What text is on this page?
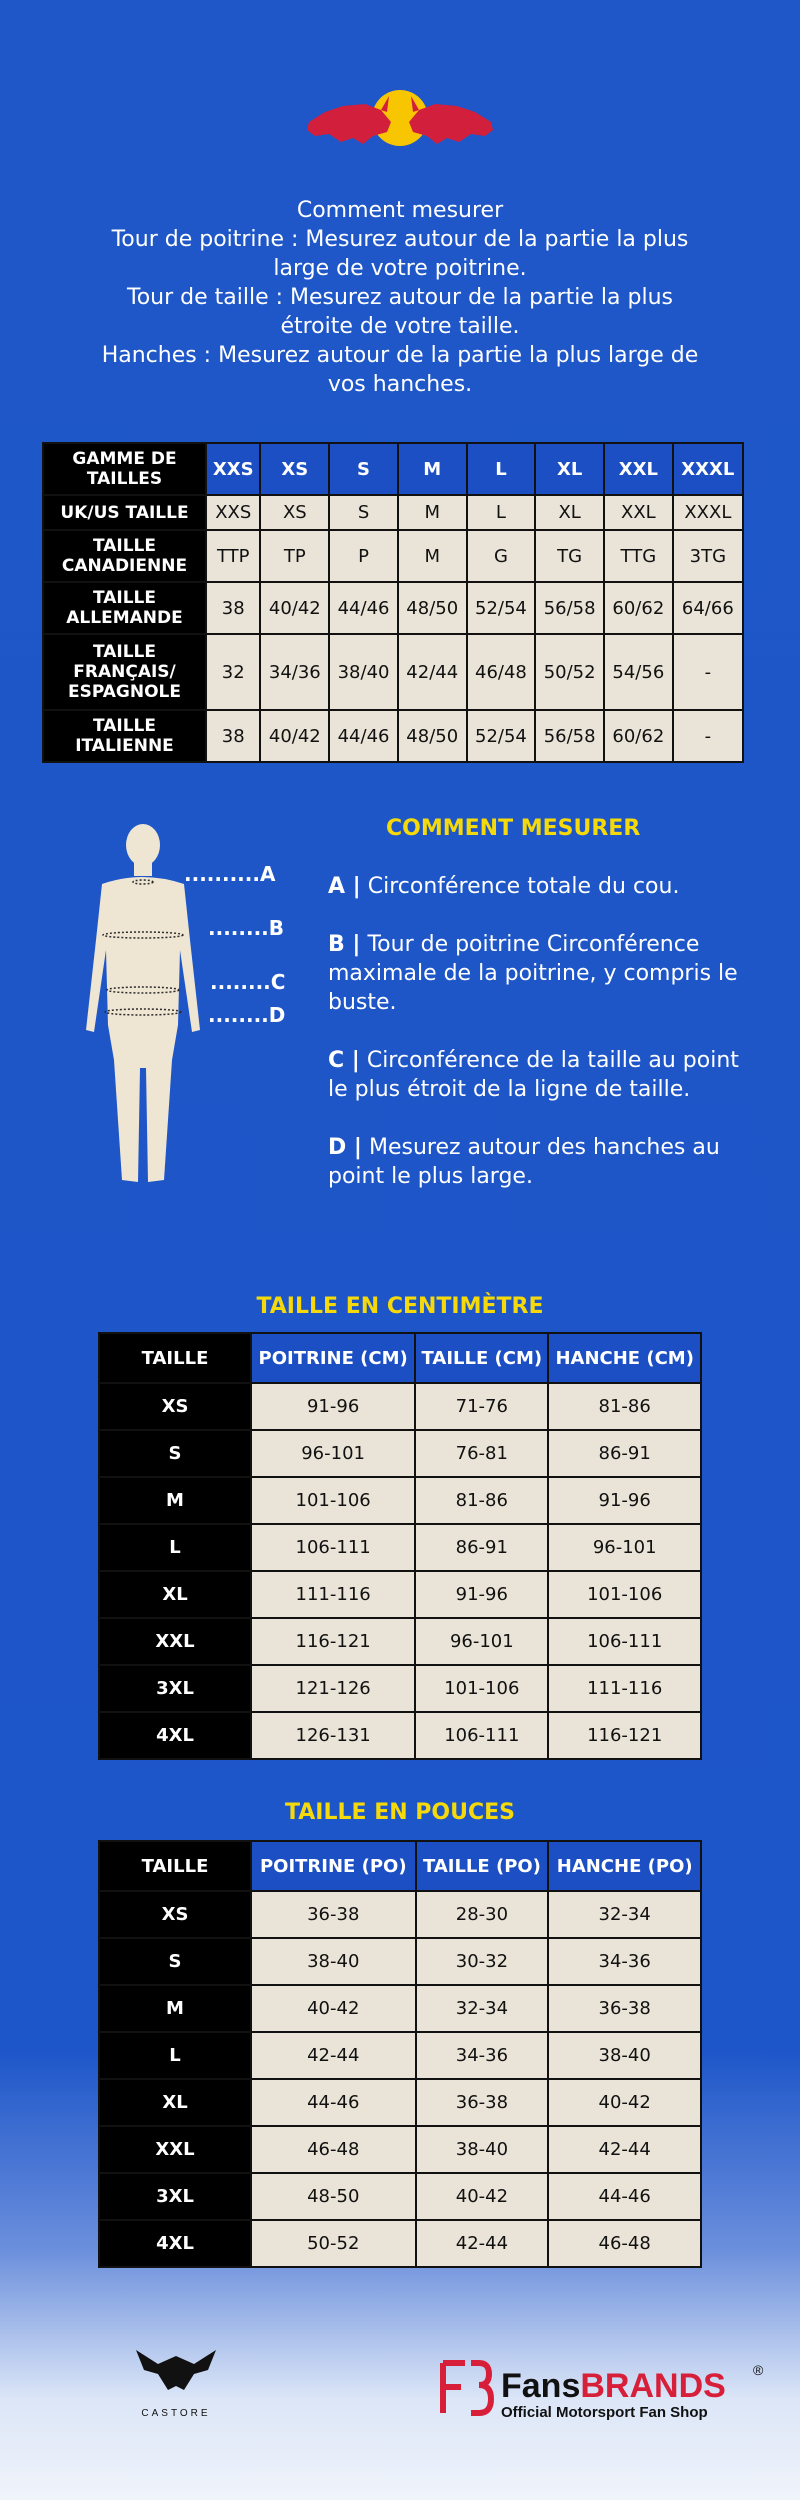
Comment mesurer
Tour de poitrine : Mesurez autour de la partie la plus
large de votre poitrine.
Tour de taille : Mesurez autour de la partie la plus
étroite de votre taille.
Hanches : Mesurez autour de la partie la plus large de
vos hanches.
GAMME DE TAILLES	XXS	XS	S	M	L	XL	XXL	XXXL
UK/US TAILLE	XXS	XS	S	M	L	XL	XXL	XXXL
TAILLE CANADIENNE	TTP	TP	P	M	G	TG	TTG	3TG
TAILLE ALLEMANDE	38	40/42	44/46	48/50	52/54	56/58	60/62	64/66
TAILLE FRANÇAIS/ ESPAGNOLE	32	34/36	38/40	42/44	46/48	50/52	54/56	-
TAILLE ITALIENNE	38	40/42	44/46	48/50	52/54	56/58	60/62	-
..........A
........B
........C
........D
COMMENT MESURER

A | Circonférence totale du cou.

B | Tour de poitrine Circonférence maximale de la poitrine, y compris le buste.

C | Circonférence de la taille au point le plus étroit de la ligne de taille.

D | Mesurez autour des hanches au point le plus large.

TAILLE EN CENTIMÈTRE
TAILLE	POITRINE (CM)	TAILLE (CM)	HANCHE (CM)
XS	91-96	71-76	81-86
S	96-101	76-81	86-91
M	101-106	81-86	91-96
L	106-111	86-91	96-101
XL	111-116	91-96	101-106
XXL	116-121	96-101	106-111
3XL	121-126	101-106	111-116
4XL	126-131	106-111	116-121
TAILLE EN POUCES
TAILLE	POITRINE (PO)	TAILLE (PO)	HANCHE (PO)
XS	36-38	28-30	32-34
S	38-40	30-32	34-36
M	40-42	32-34	36-38
L	42-44	34-36	38-40
XL	44-46	36-38	40-42
XXL	46-48	38-40	42-44
3XL	48-50	40-42	44-46
4XL	50-52	42-44	46-48
CASTORE
FansBRANDS ®
Official Motorsport Fan Shop
